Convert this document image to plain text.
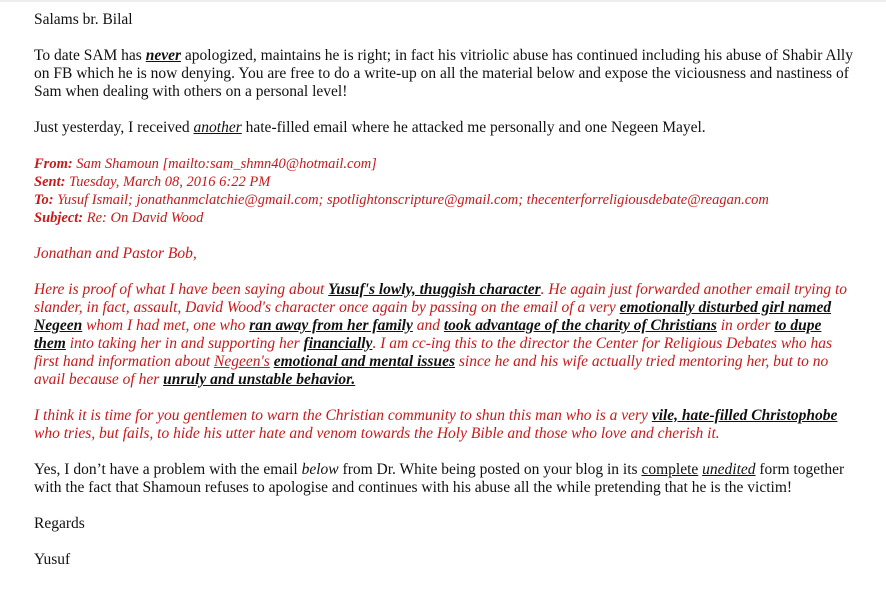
Salams br. Bilal

To date SAM has never apologized, maintains he is right; in fact his vitriolic abuse has continued including his abuse of Shabir Ally on FB which he is now denying. You are free to do a write-up on all the material below and expose the viciousness and nastiness of Sam when dealing with others on a personal level!

Just yesterday, I received another hate-filled email where he attacked me personally and one Negeen Mayel.

From: Sam Shamoun [mailto:sam_shmn40@hotmail.com]
Sent: Tuesday, March 08, 2016 6:22 PM
To: Yusuf Ismail; jonathanmclatchie@gmail.com; spotlightonscripture@gmail.com; thecenterforreligiousdebate@reagan.com
Subject: Re: On David Wood

Jonathan and Pastor Bob,

Here is proof of what I have been saying about Yusuf's lowly, thuggish character. He again just forwarded another email trying to slander, in fact, assault, David Wood's character once again by passing on the email of a very emotionally disturbed girl named Negeen whom I had met, one who ran away from her family and took advantage of the charity of Christians in order to dupe them into taking her in and supporting her financially. I am cc-ing this to the director the Center for Religious Debates who has first hand information about Negeen's emotional and mental issues since he and his wife actually tried mentoring her, but to no avail because of her unruly and unstable behavior.

I think it is time for you gentlemen to warn the Christian community to shun this man who is a very vile, hate-filled Christophobe who tries, but fails, to hide his utter hate and venom towards the Holy Bible and those who love and cherish it.

Yes, I don’t have a problem with the email below from Dr. White being posted on your blog in its complete unedited form together with the fact that Shamoun refuses to apologise and continues with his abuse all the while pretending that he is the victim!

Regards

Yusuf
